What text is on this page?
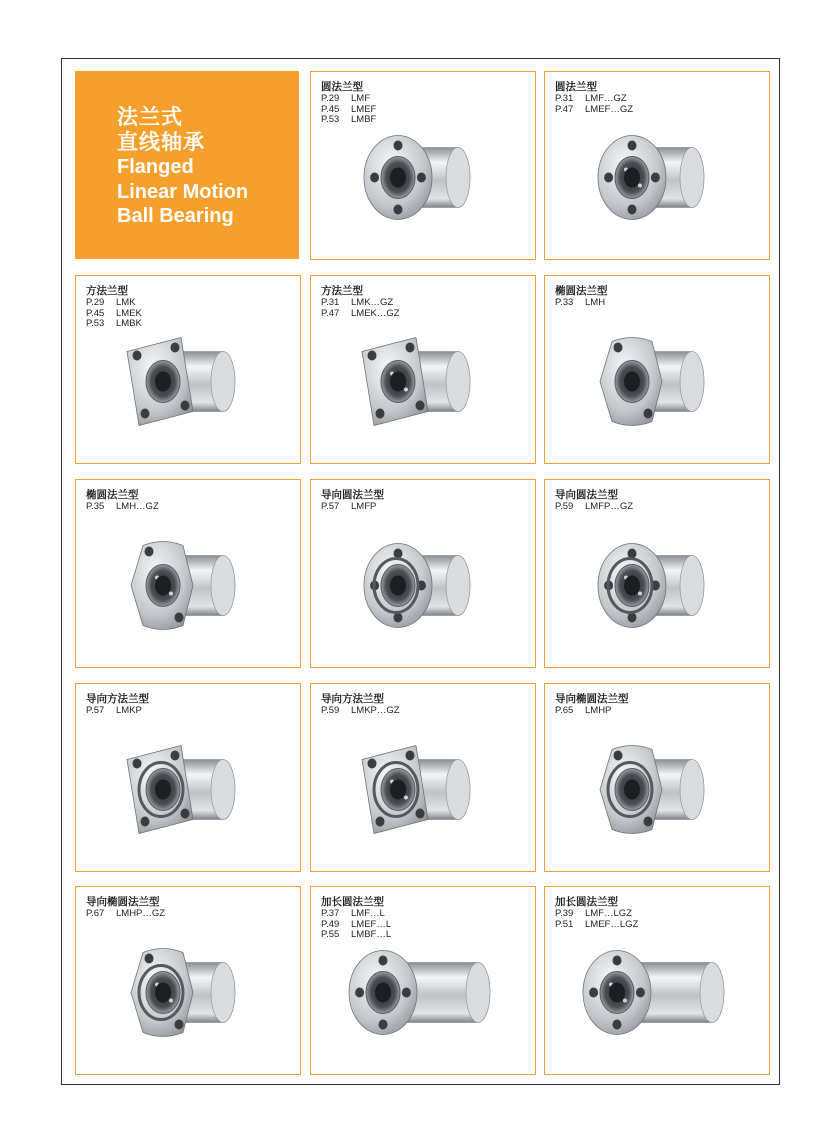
法兰式
直线轴承
Flanged
Linear Motion
Ball Bearing
圆法兰型
P.29 LMF
P.45 LMEF
P.53 LMBF
圆法兰型
P.31 LMF…GZ
P.47 LMEF…GZ
方法兰型
P.29 LMK
P.45 LMEK
P.53 LMBK
方法兰型
P.31 LMK…GZ
P.47 LMEK…GZ
椭圆法兰型
P.33 LMH
椭圆法兰型
P.35 LMH…GZ
导向圆法兰型
P.57 LMFP
导向圆法兰型
P.59 LMFP…GZ
导向方法兰型
P.57 LMKP
导向方法兰型
P.59 LMKP…GZ
导向椭圆法兰型
P.65 LMHP
导向椭圆法兰型
P.67 LMHP…GZ
加长圆法兰型
P.37 LMF…L
P.49 LMEF…L
P.55 LMBF…L
加长圆法兰型
P.39 LMF…LGZ
P.51 LMEF…LGZ
